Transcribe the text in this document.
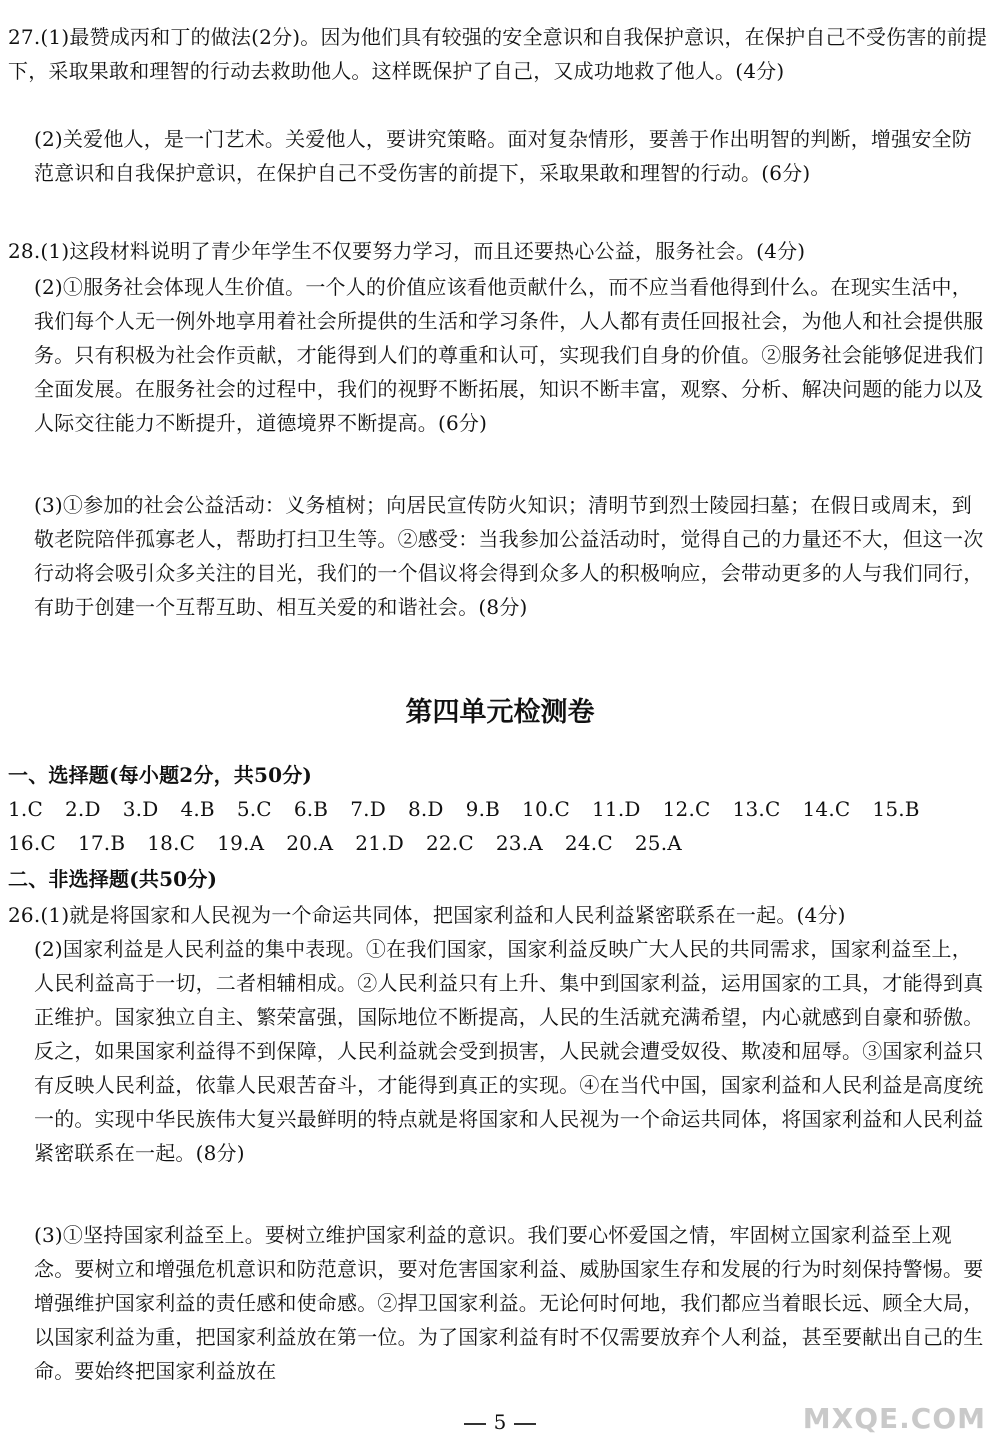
27.(1)最赞成丙和丁的做法(2分)。因为他们具有较强的安全意识和自我保护意识，在保护自己不受伤害的前提下，采取果敢和理智的行动去救助他人。这样既保护了自己，又成功地救了他人。(4分)

(2)关爱他人，是一门艺术。关爱他人，要讲究策略。面对复杂情形，要善于作出明智的判断，增强安全防范意识和自我保护意识，在保护自己不受伤害的前提下，采取果敢和理智的行动。(6分)

28.(1)这段材料说明了青少年学生不仅要努力学习，而且还要热心公益，服务社会。(4分)

(2)①服务社会体现人生价值。一个人的价值应该看他贡献什么，而不应当看他得到什么。在现实生活中，我们每个人无一例外地享用着社会所提供的生活和学习条件，人人都有责任回报社会，为他人和社会提供服务。只有积极为社会作贡献，才能得到人们的尊重和认可，实现我们自身的价值。②服务社会能够促进我们全面发展。在服务社会的过程中，我们的视野不断拓展，知识不断丰富，观察、分析、解决问题的能力以及人际交往能力不断提升，道德境界不断提高。(6分)

(3)①参加的社会公益活动：义务植树；向居民宣传防火知识；清明节到烈士陵园扫墓；在假日或周末，到敬老院陪伴孤寡老人，帮助打扫卫生等。②感受：当我参加公益活动时，觉得自己的力量还不大，但这一次行动将会吸引众多关注的目光，我们的一个倡议将会得到众多人的积极响应，会带动更多的人与我们同行，有助于创建一个互帮互助、相互关爱的和谐社会。(8分)

第四单元检测卷

一、选择题(每小题2分，共50分)

1.C 2.D 3.D 4.B 5.C 6.B 7.D 8.D 9.B 10.C 11.D 12.C 13.C 14.C 15.B16.C 17.B 18.C 19.A 20.A 21.D 22.C 23.A 24.C 25.A

二、非选择题(共50分)

26.(1)就是将国家和人民视为一个命运共同体，把国家利益和人民利益紧密联系在一起。(4分)

(2)国家利益是人民利益的集中表现。①在我们国家，国家利益反映广大人民的共同需求，国家利益至上，人民利益高于一切，二者相辅相成。②人民利益只有上升、集中到国家利益，运用国家的工具，才能得到真正维护。国家独立自主、繁荣富强，国际地位不断提高，人民的生活就充满希望，内心就感到自豪和骄傲。反之，如果国家利益得不到保障，人民利益就会受到损害，人民就会遭受奴役、欺凌和屈辱。③国家利益只有反映人民利益，依靠人民艰苦奋斗，才能得到真正的实现。④在当代中国，国家利益和人民利益是高度统一的。实现中华民族伟大复兴最鲜明的特点就是将国家和人民视为一个命运共同体，将国家利益和人民利益紧密联系在一起。(8分)

(3)①坚持国家利益至上。要树立维护国家利益的意识。我们要心怀爱国之情，牢固树立国家利益至上观念。要树立和增强危机意识和防范意识，要对危害国家利益、威胁国家生存和发展的行为时刻保持警惕。要增强维护国家利益的责任感和使命感。②捍卫国家利益。无论何时何地，我们都应当着眼长远、顾全大局，以国家利益为重，把国家利益放在第一位。为了国家利益有时不仅需要放弃个人利益，甚至要献出自己的生命。要始终把国家利益放在

5	MXQE.COM
